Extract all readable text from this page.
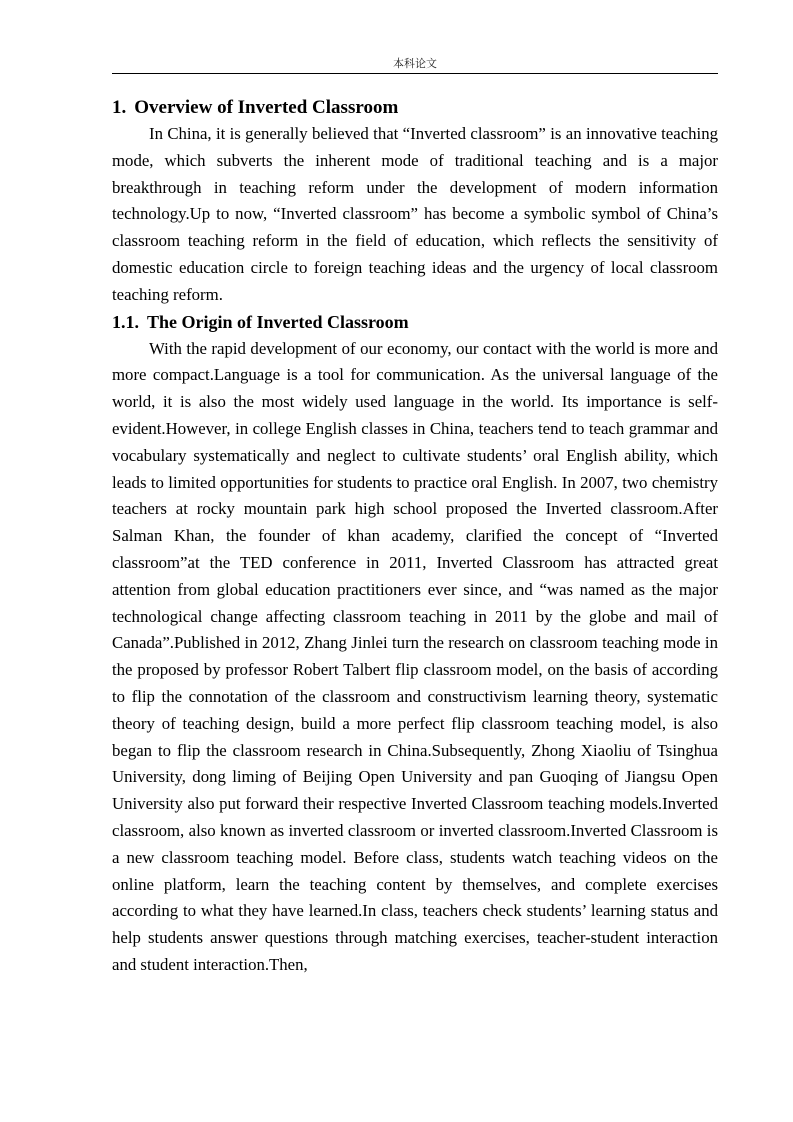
本科论文
1. Overview of Inverted Classroom

In China, it is generally believed that “Inverted classroom” is an innovative teaching mode, which subverts the inherent mode of traditional teaching and is a major breakthrough in teaching reform under the development of modern information technology.Up to now, “Inverted classroom” has become a symbolic symbol of China’s classroom teaching reform in the field of education, which reflects the sensitivity of domestic education circle to foreign teaching ideas and the urgency of local classroom teaching reform.

1.1. The Origin of Inverted Classroom

With the rapid development of our economy, our contact with the world is more and more compact.Language is a tool for communication. As the universal language of the world, it is also the most widely used language in the world. Its importance is self-evident.However, in college English classes in China, teachers tend to teach grammar and vocabulary systematically and neglect to cultivate students’ oral English ability, which leads to limited opportunities for students to practice oral English. In 2007, two chemistry teachers at rocky mountain park high school proposed the Inverted classroom.After Salman Khan, the founder of khan academy, clarified the concept of “Inverted classroom”at the TED conference in 2011, Inverted Classroom has attracted great attention from global education practitioners ever since, and “was named as the major technological change affecting classroom teaching in 2011 by the globe and mail of Canada”.Published in 2012, Zhang Jinlei turn the research on classroom teaching mode in the proposed by professor Robert Talbert flip classroom model, on the basis of according to flip the connotation of the classroom and constructivism learning theory, systematic theory of teaching design, build a more perfect flip classroom teaching model, is also began to flip the classroom research in China.Subsequently, Zhong Xiaoliu of Tsinghua University, dong liming of Beijing Open University and pan Guoqing of Jiangsu Open University also put forward their respective Inverted Classroom teaching models.Inverted classroom, also known as inverted classroom or inverted classroom.Inverted Classroom is a new classroom teaching model. Before class, students watch teaching videos on the online platform, learn the teaching content by themselves, and complete exercises according to what they have learned.In class, teachers check students’ learning status and help students answer questions through matching exercises, teacher-student interaction and student interaction.Then,
